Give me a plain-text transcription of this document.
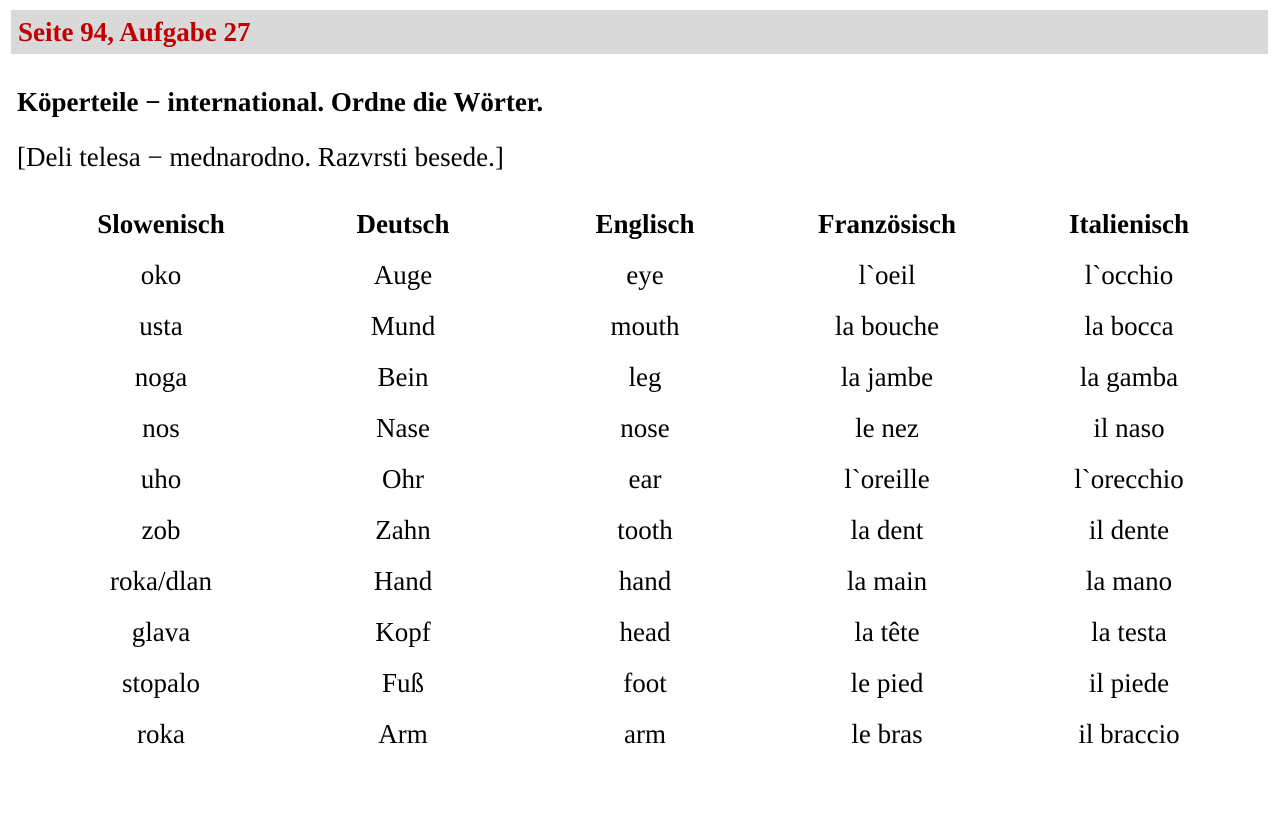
Seite 94, Aufgabe 27
Köperteile − international. Ordne die Wörter.
[Deli telesa − mednarodno. Razvrsti besede.]
Slowenisch	Deutsch	Englisch	Französisch	Italienisch
oko	Auge	eye	l`oeil	l`occhio
usta	Mund	mouth	la bouche	la bocca
noga	Bein	leg	la jambe	la gamba
nos	Nase	nose	le nez	il naso
uho	Ohr	ear	l`oreille	l`orecchio
zob	Zahn	tooth	la dent	il dente
roka/dlan	Hand	hand	la main	la mano
glava	Kopf	head	la tête	la testa
stopalo	Fuß	foot	le pied	il piede
roka	Arm	arm	le bras	il braccio
